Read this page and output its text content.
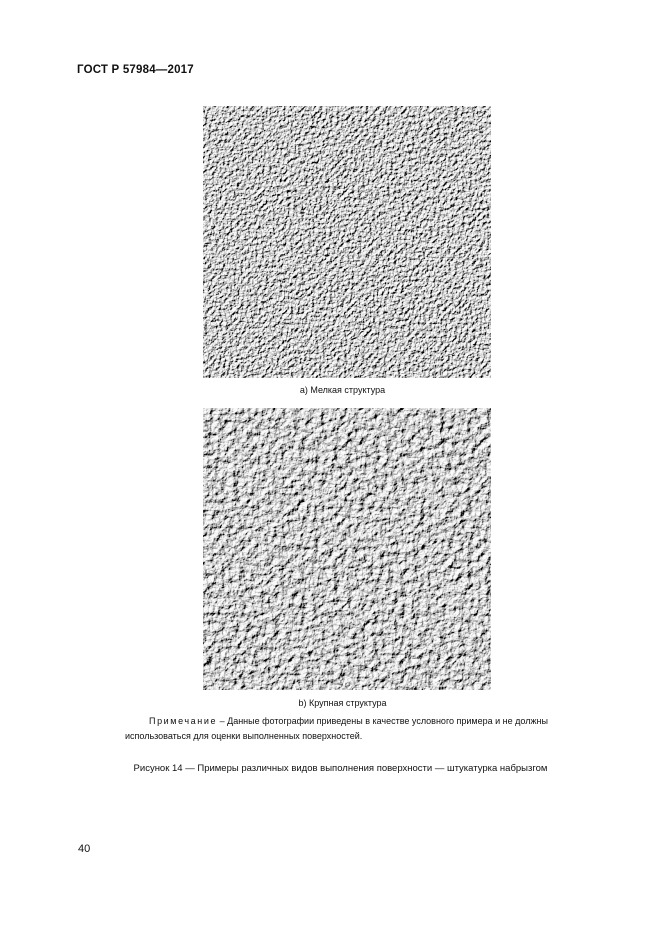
ГОСТ Р 57984—2017
a) Мелкая структура
b) Крупная структура
Примечание – Данные фотографии приведены в качестве условного примера и не должны использоваться для оценки выполненных поверхностей.
Рисунок 14 — Примеры различных видов выполнения поверхности — штукатурка набрызгом
40
